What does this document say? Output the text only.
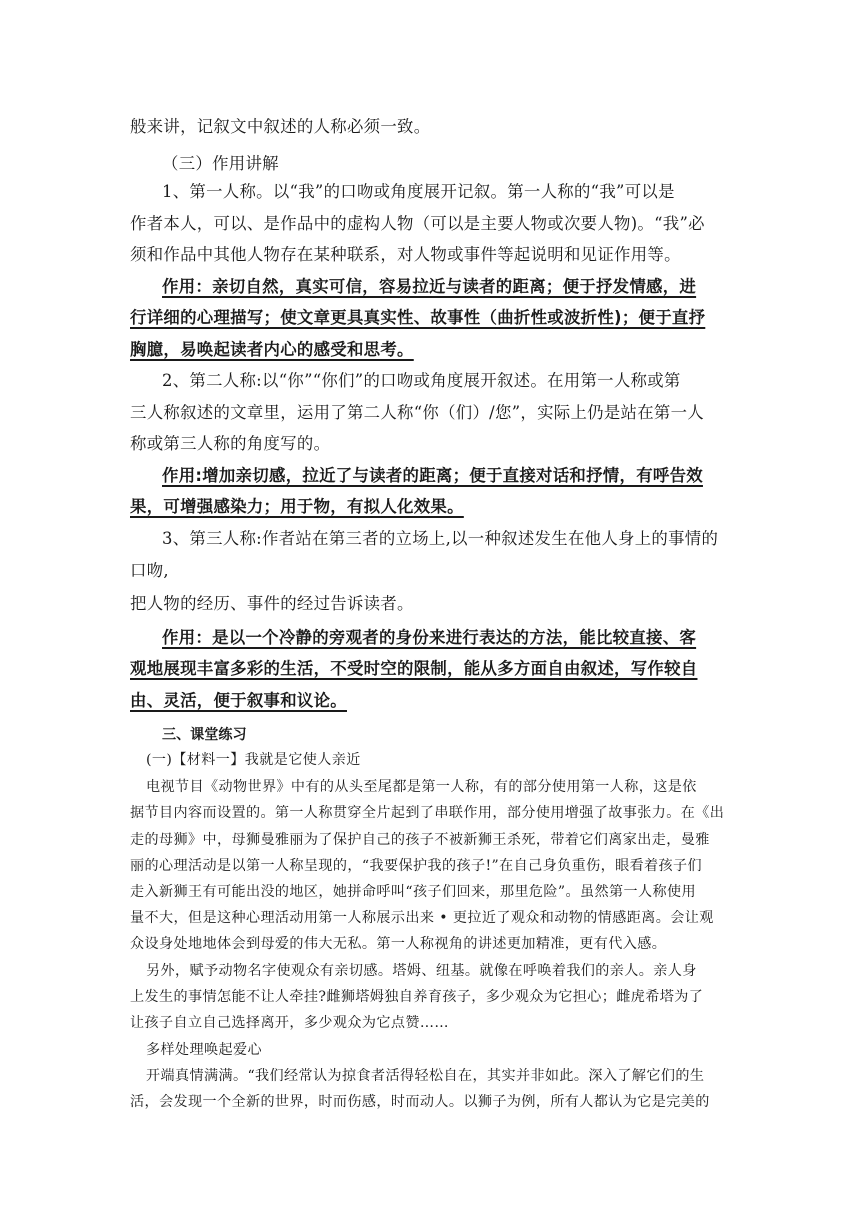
般来讲，记叙文中叙述的人称必须一致。
（三）作用讲解
1、第一人称。以“我”的口吻或角度展开记叙。第一人称的“我”可以是
作者本人，可以、是作品中的虚构人物（可以是主要人物或次要人物)。“我”必
须和作品中其他人物存在某种联系，对人物或事件等起说明和见证作用等。
作用：亲切自然，真实可信，容易拉近与读者的距离；便于抒发情感，进
行详细的心理描写；使文章更具真实性、故事性（曲折性或波折性)；便于直抒
胸臆，易唤起读者内心的感受和思考。
2、第二人称:以“你”“你们”的口吻或角度展开叙述。在用第一人称或第
三人称叙述的文章里，运用了第二人称“你（们）/您”，实际上仍是站在第一人
称或第三人称的角度写的。
作用:增加亲切感，拉近了与读者的距离；便于直接对话和抒情，有呼告效
果，可增强感染力；用于物，有拟人化效果。
3、第三人称:作者站在第三者的立场上,以一种叙述发生在他人身上的事情的
口吻,
把人物的经历、事件的经过告诉读者。
作用：是以一个冷静的旁观者的身份来进行表达的方法，能比较直接、客
观地展现丰富多彩的生活，不受时空的限制，能从多方面自由叙述，写作较自
由、灵活，便于叙事和议论。
三、课堂练习
(一)【材料一】我就是它使人亲近
电视节目《动物世界》中有的从头至尾都是第一人称，有的部分使用第一人称，这是依
据节目内容而设置的。第一人称贯穿全片起到了串联作用，部分使用增强了故事张力。在《出
走的母狮》中，母狮曼雅丽为了保护自己的孩子不被新狮王杀死，带着它们离家出走，曼雅
丽的心理活动是以第一人称呈现的，“我要保护我的孩子!”在自己身负重伤，眼看着孩子们
走入新狮王有可能出没的地区，她拼命呼叫“孩子们回来，那里危险”。虽然第一人称使用
量不大，但是这种心理活动用第一人称展示出来 • 更拉近了观众和动物的情感距离。会让观
众设身处地地体会到母爱的伟大无私。第一人称视角的讲述更加精准，更有代入感。
另外，赋予动物名字使观众有亲切感。塔姆、纽基。就像在呼唤着我们的亲人。亲人身
上发生的事情怎能不让人牵挂?雌狮塔姆独自养育孩子，多少观众为它担心；雌虎希塔为了
让孩子自立自己选择离开，多少观众为它点赞……
多样处理唤起爱心
开端真情满满。“我们经常认为掠食者活得轻松自在，其实并非如此。深入了解它们的生
活，会发现一个全新的世界，时而伤感，时而动人。以狮子为例，所有人都认为它是完美的
